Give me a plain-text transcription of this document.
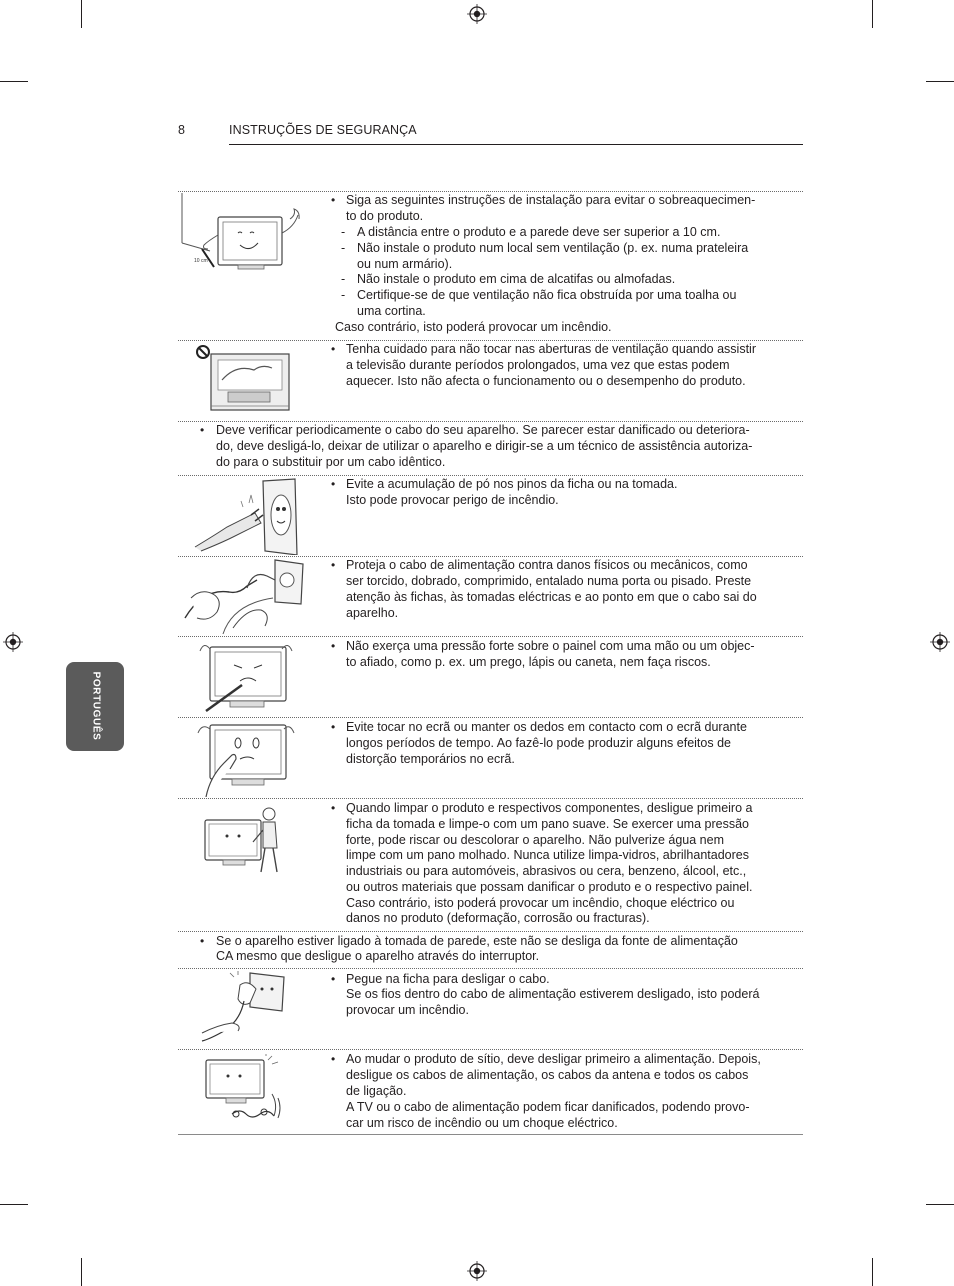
8	INSTRUÇÕES DE SEGURANÇA
PORTUGUÊS
10 cm
• Siga as seguintes instruções de instalação para evitar o sobreaquecimen-
to do produto.
- A distância entre o produto e a parede deve ser superior a 10 cm.
- Não instale o produto num local sem ventilação (p. ex. numa prateleira
ou num armário).
- Não instale o produto em cima de alcatifas ou almofadas.
- Certifique-se de que ventilação não fica obstruída por uma toalha ou
uma cortina.
Caso contrário, isto poderá provocar um incêndio.
• Tenha cuidado para não tocar nas aberturas de ventilação quando assistir
a televisão durante períodos prolongados, uma vez que estas podem
aquecer. Isto não afecta o funcionamento ou o desempenho do produto.
• Deve verificar periodicamente o cabo do seu aparelho. Se parecer estar danificado ou deteriora-
do, deve desligá-lo, deixar de utilizar o aparelho e dirigir-se a um técnico de assistência autoriza-
do para o substituir por um cabo idêntico.
• Evite a acumulação de pó nos pinos da ficha ou na tomada.
Isto pode provocar perigo de incêndio.
• Proteja o cabo de alimentação contra danos físicos ou mecânicos, como
ser torcido, dobrado, comprimido, entalado numa porta ou pisado. Preste
atenção às fichas, às tomadas eléctricas e ao ponto em que o cabo sai do
aparelho.
• Não exerça uma pressão forte sobre o painel com uma mão ou um objec-
to afiado, como p. ex. um prego, lápis ou caneta, nem faça riscos.
• Evite tocar no ecrã ou manter os dedos em contacto com o ecrã durante
longos períodos de tempo. Ao fazê-lo pode produzir alguns efeitos de
distorção temporários no ecrã.
• Quando limpar o produto e respectivos componentes, desligue primeiro a
ficha da tomada e limpe-o com um pano suave. Se exercer uma pressão
forte, pode riscar ou descolorar o aparelho. Não pulverize água nem
limpe com um pano molhado. Nunca utilize limpa-vidros, abrilhantadores
industriais ou para automóveis, abrasivos ou cera, benzeno, álcool, etc.,
ou outros materiais que possam danificar o produto e o respectivo painel.
Caso contrário, isto poderá provocar um incêndio, choque eléctrico ou
danos no produto (deformação, corrosão ou fracturas).
• Se o aparelho estiver ligado à tomada de parede, este não se desliga da fonte de alimentação
CA mesmo que desligue o aparelho através do interruptor.
• Pegue na ficha para desligar o cabo.
Se os fios dentro do cabo de alimentação estiverem desligado, isto poderá
provocar um incêndio.
• Ao mudar o produto de sítio, deve desligar primeiro a alimentação. Depois,
desligue os cabos de alimentação, os cabos da antena e todos os cabos
de ligação.
A TV ou o cabo de alimentação podem ficar danificados, podendo provo-
car um risco de incêndio ou um choque eléctrico.
